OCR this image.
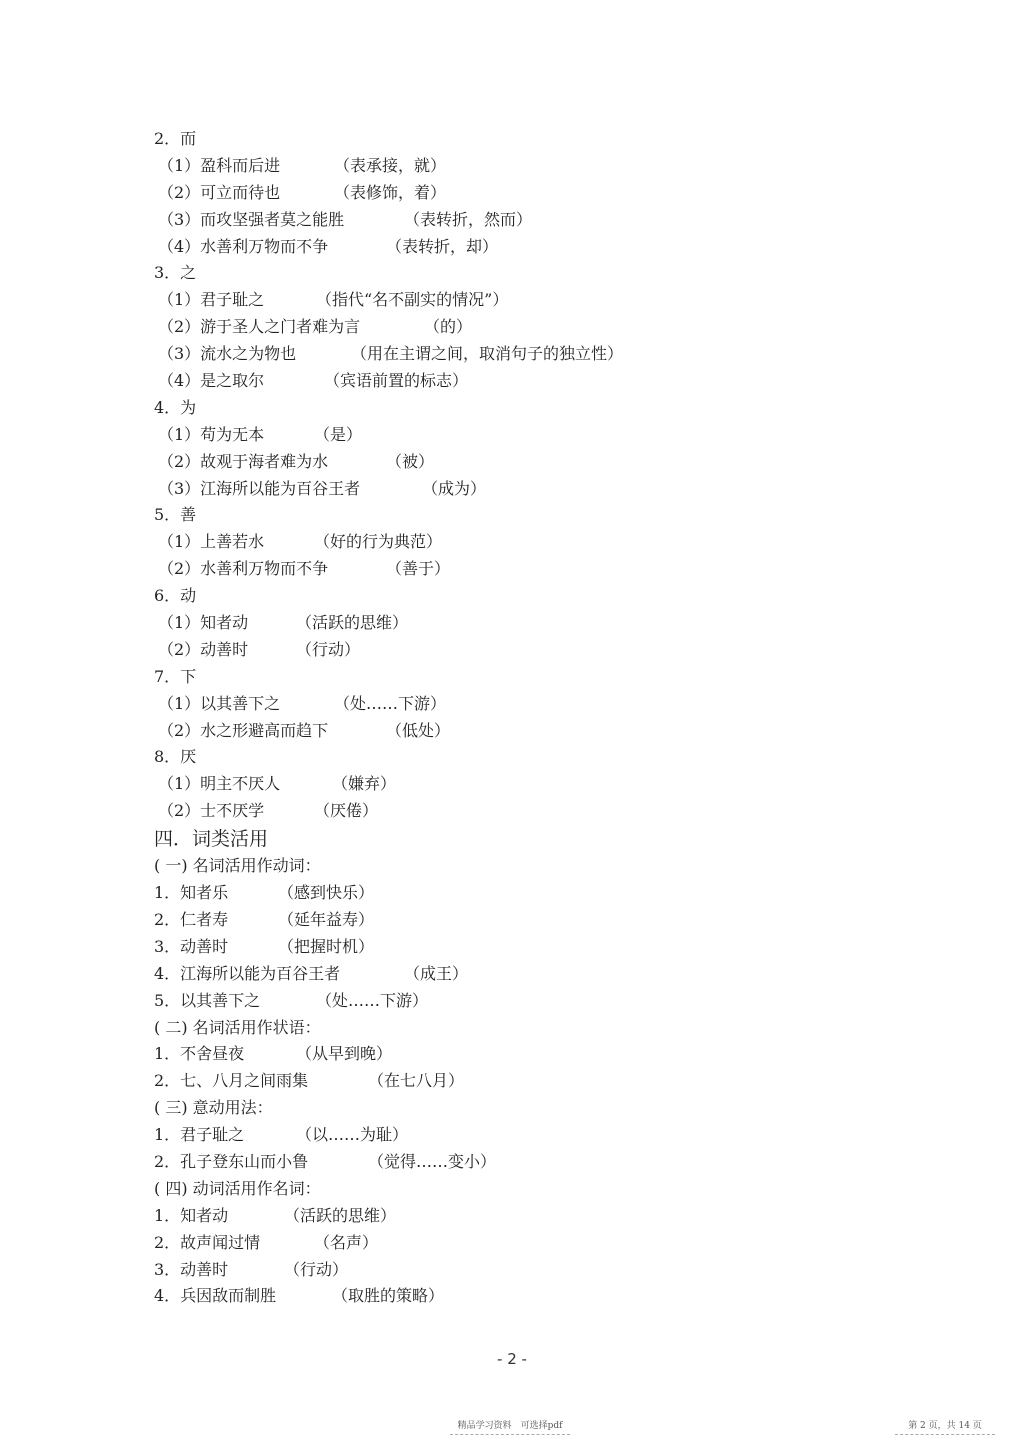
2．而
（1）盈科而后进	（表承接，就）
（2）可立而待也	（表修饰，着）
（3）而攻坚强者莫之能胜	（表转折，然而）
（4）水善利万物而不争	（表转折，却）
3．之
（1）君子耻之	（指代“名不副实的情况”）
（2）游于圣人之门者难为言	（的）
（3）流水之为物也	（用在主谓之间，取消句子的独立性）
（4）是之取尔	（宾语前置的标志）
4．为
（1）苟为无本	（是）
（2）故观于海者难为水	（被）
（3）江海所以能为百谷王者	（成为）
5．善
（1）上善若水	（好的行为典范）
（2）水善利万物而不争	（善于）
6．动
（1）知者动	（活跃的思维）
（2）动善时	（行动）
7．下
（1）以其善下之	（处……下游）
（2）水之形避高而趋下	（低处）
8．厌
（1）明主不厌人	（嫌弃）
（2）士不厌学	（厌倦）
四．词类活用
( 一) 名词活用作动词：
1．知者乐	（感到快乐）
2．仁者寿	（延年益寿）
3．动善时	（把握时机）
4．江海所以能为百谷王者	（成王）
5．以其善下之	（处……下游）
( 二) 名词活用作状语：
1．不舍昼夜	（从早到晚）
2．七、八月之间雨集	（在七八月）
( 三) 意动用法：
1．君子耻之	（以……为耻）
2．孔子登东山而小鲁	（觉得……变小）
( 四) 动词活用作名词：
1．知者动	（活跃的思维）
2．故声闻过情	（名声）
3．动善时	（行动）
4．兵因敌而制胜	（取胜的策略）
- 2 -
精品学习资料　可选择pdf	第 2 页，共 14 页
